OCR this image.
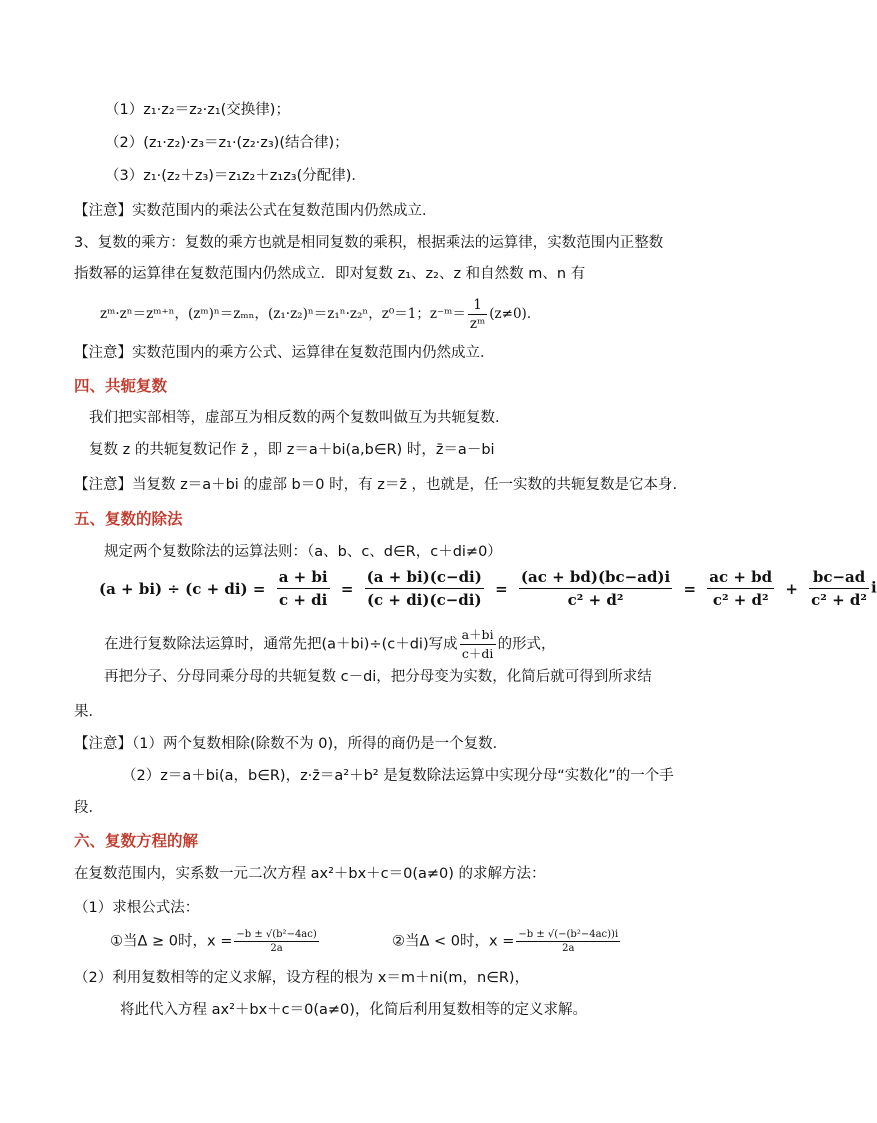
（1）z₁·z₂＝z₂·z₁(交换律)；
（2）(z₁·z₂)·z₃＝z₁·(z₂·z₃)(结合律)；
（3）z₁·(z₂＋z₃)＝z₁z₂＋z₁z₃(分配律)．
【注意】实数范围内的乘法公式在复数范围内仍然成立．
3、复数的乘方：复数的乘方也就是相同复数的乘积，根据乘法的运算律，实数范围内正整数
指数幂的运算律在复数范围内仍然成立．即对复数 z₁、z₂、z 和自然数 m、n 有
zᵐ·zⁿ＝zᵐ⁺ⁿ，(zᵐ)ⁿ＝zₘₙ，(z₁·z₂)ⁿ＝z₁ⁿ·z₂ⁿ，z⁰＝1；z⁻ᵐ＝ $\frac{1}{\text{zᵐ}} (z\ne 0)$．
【注意】实数范围内的乘方公式、运算律在复数范围内仍然成立．
四、共轭复数
我们把实部相等，虚部互为相反数的两个复数叫做互为共轭复数．
复数 z 的共轭复数记作 z̄ ，即 z＝a＋bi(a,b∈R) 时，z̄＝a－bi
【注意】当复数 z＝a＋bi 的虚部 b＝0 时，有 z＝z̄ ，也就是，任一实数的共轭复数是它本身.
五、复数的除法
规定两个复数除法的运算法则：（a、b、c、d∈R，c＋di≠0）
$(a + bi) \div (c + di) = \frac{a + bi}{c + di} = \frac{(a + bi)(c-di)}{(c + di)(c-di)} = \frac{(ac + bd)(bc-ad)i}{\text{c² + d²}} = \frac{ac + bd}{\text{c² + d²}} + \frac{bc-ad}{\text{c² + d²}}$ i
在进行复数除法运算时，通常先把(a＋bi)÷(c＋di)写成 $\frac{a+bi}{c+di}$ 的形式，
再把分子、分母同乘分母的共轭复数 c－di，把分母变为实数，化简后就可得到所求结
果．
【注意】（1）两个复数相除(除数不为 0)，所得的商仍是一个复数．
（2）z＝a＋bi(a，b∈R)，z·z̄＝a²＋b² 是复数除法运算中实现分母“实数化”的一个手
段．
六、复数方程的解
在复数范围内，实系数一元二次方程 ax²＋bx＋c＝0(a≠0) 的求解方法：
（1）求根公式法：
①当Δ ≥ 0时，$x = \frac{\text{−b ± √(b²−4ac)}}{2a}$	②当Δ < 0时，$x = \frac{\text{−b ± √(−(b²−4ac))i}}{2a}$
（2）利用复数相等的定义求解，设方程的根为 x＝m＋ni(m，n∈R)，
将此代入方程 ax²＋bx＋c＝0(a≠0)，化简后利用复数相等的定义求解。
